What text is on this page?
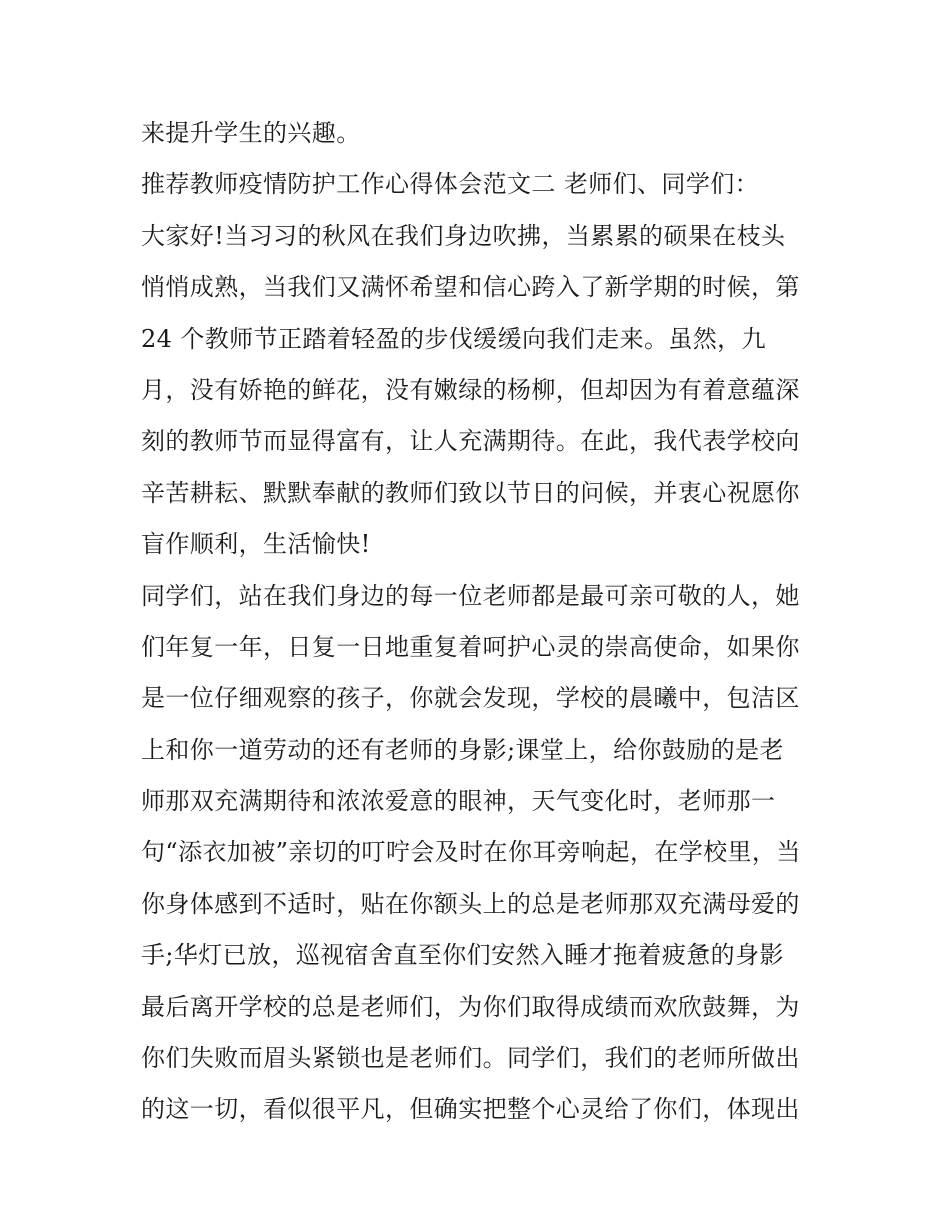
来提升学生的兴趣。
推荐教师疫情防护工作心得体会范文二 老师们、同学们：
大家好!当习习的秋风在我们身边吹拂，当累累的硕果在枝头
悄悄成熟，当我们又满怀希望和信心跨入了新学期的时候，第
24 个教师节正踏着轻盈的步伐缓缓向我们走来。虽然，九
月，没有娇艳的鲜花，没有嫩绿的杨柳，但却因为有着意蕴深
刻的教师节而显得富有，让人充满期待。在此，我代表学校向
辛苦耕耘、默默奉献的教师们致以节日的问候，并衷心祝愿你
盲作顺利，生活愉快!
同学们，站在我们身边的每一位老师都是最可亲可敬的人，她
们年复一年，日复一日地重复着呵护心灵的崇高使命，如果你
是一位仔细观察的孩子，你就会发现，学校的晨曦中，包洁区
上和你一道劳动的还有老师的身影;课堂上，给你鼓励的是老
师那双充满期待和浓浓爱意的眼神，天气变化时，老师那一
句“添衣加被”亲切的叮咛会及时在你耳旁响起，在学校里，当
你身体感到不适时，贴在你额头上的总是老师那双充满母爱的
手;华灯已放，巡视宿舍直至你们安然入睡才拖着疲惫的身影
最后离开学校的总是老师们，为你们取得成绩而欢欣鼓舞，为
你们失败而眉头紧锁也是老师们。同学们，我们的老师所做出
的这一切，看似很平凡，但确实把整个心灵给了你们，体现出
